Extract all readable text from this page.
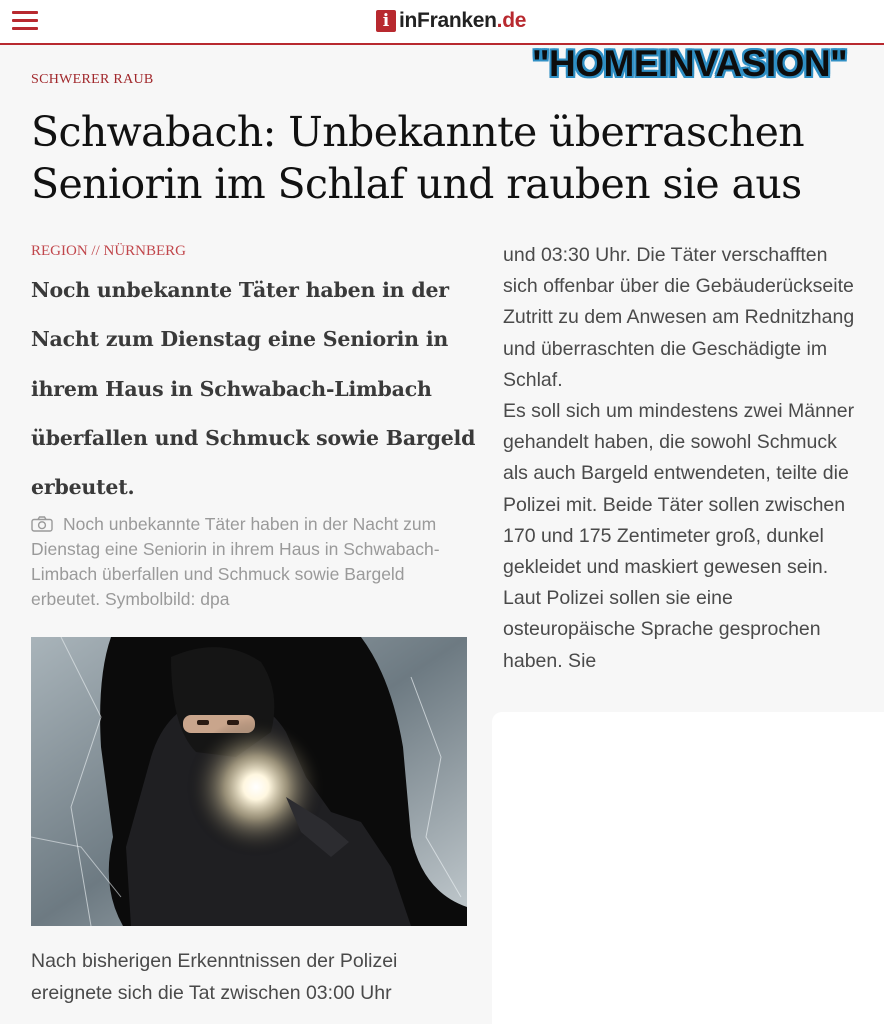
i inFranken.de
SCHWERER RAUB	"HOMEINVASION"
Schwabach: Unbekannte überraschen Seniorin im Schlaf und rauben sie aus
REGION // NÜRNBERG

Noch unbekannte Täter haben in der Nacht zum Dienstag eine Seniorin in ihrem Haus in Schwabach-Limbach überfallen und Schmuck sowie Bargeld erbeutet.

Noch unbekannte Täter haben in der Nacht zum Dienstag eine Seniorin in ihrem Haus in Schwabach-Limbach überfallen und Schmuck sowie Bargeld erbeutet. Symbolbild: dpa
Nach bisherigen Erkenntnissen der Polizei ereignete sich die Tat zwischen 03:00 Uhr

und 03:30 Uhr. Die Täter verschafften sich offenbar über die Gebäuderückseite Zutritt zu dem Anwesen am Rednitzhang und überraschten die Geschädigte im Schlaf.

Es soll sich um mindestens zwei Männer gehandelt haben, die sowohl Schmuck als auch Bargeld entwendeten, teilte die Polizei mit. Beide Täter sollen zwischen 170 und 175 Zentimeter groß, dunkel gekleidet und maskiert gewesen sein. Laut Polizei sollen sie eine osteuropäische Sprache gesprochen haben. Sie
